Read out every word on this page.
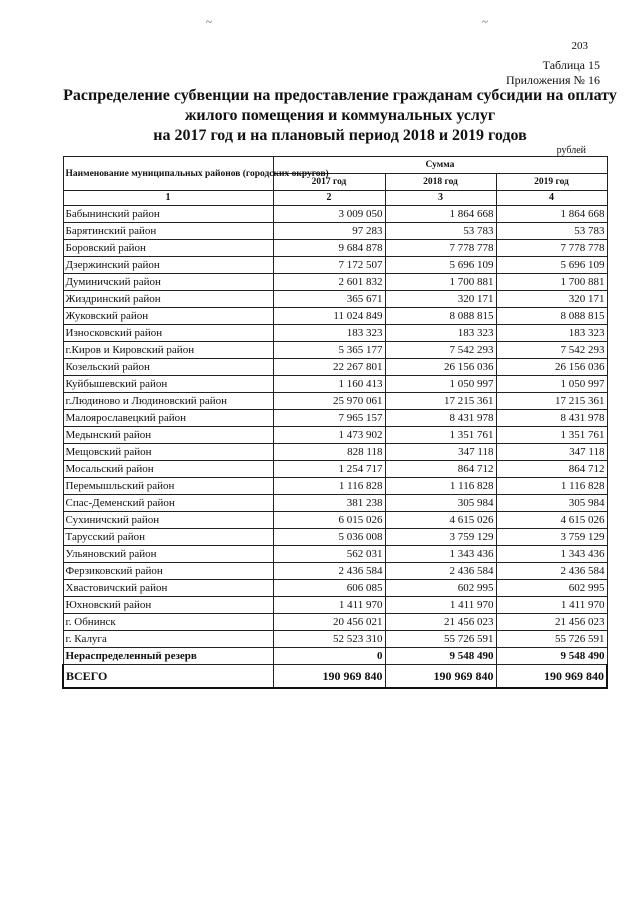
~	~
203
Таблица 15
Приложения № 16
Распределение субвенции на предоставление гражданам субсидии на оплату
жилого помещения и коммунальных услуг
на 2017 год и на плановый период 2018 и 2019 годов
рублей
Наименование муниципальных районов (городских округов)	Сумма		
	2017 год	2018 год	2019 год
1	2	3	4
Бабынинский район	3 009 050	1 864 668	1 864 668
Барятинский район	97 283	53 783	53 783
Боровский район	9 684 878	7 778 778	7 778 778
Дзержинский район	7 172 507	5 696 109	5 696 109
Думиничский район	2 601 832	1 700 881	1 700 881
Жиздринский район	365 671	320 171	320 171
Жуковский район	11 024 849	8 088 815	8 088 815
Износковский район	183 323	183 323	183 323
г.Киров и Кировский район	5 365 177	7 542 293	7 542 293
Козельский район	22 267 801	26 156 036	26 156 036
Куйбышевский район	1 160 413	1 050 997	1 050 997
г.Людиново и Людиновский район	25 970 061	17 215 361	17 215 361
Малоярославецкий район	7 965 157	8 431 978	8 431 978
Медынский район	1 473 902	1 351 761	1 351 761
Мещовский район	828 118	347 118	347 118
Мосальский район	1 254 717	864 712	864 712
Перемышльский район	1 116 828	1 116 828	1 116 828
Спас-Деменский район	381 238	305 984	305 984
Сухиничский район	6 015 026	4 615 026	4 615 026
Тарусский район	5 036 008	3 759 129	3 759 129
Ульяновский район	562 031	1 343 436	1 343 436
Ферзиковский район	2 436 584	2 436 584	2 436 584
Хвастовичский район	606 085	602 995	602 995
Юхновский район	1 411 970	1 411 970	1 411 970
г. Обнинск	20 456 021	21 456 023	21 456 023
г. Калуга	52 523 310	55 726 591	55 726 591
Нераспределенный резерв	0	9 548 490	9 548 490
ВСЕГО	190 969 840	190 969 840	190 969 840
